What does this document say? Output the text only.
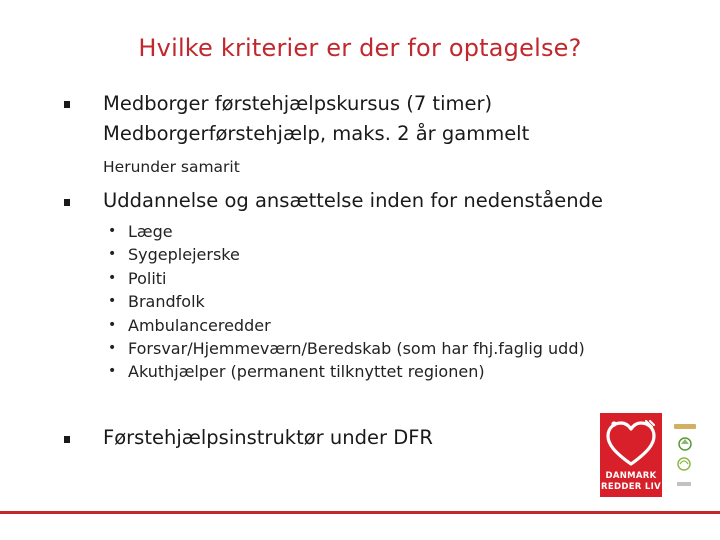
Hvilke kriterier er der for optagelse?
Medborger førstehjælpskursus (7 timer)
Medborgerførstehjælp, maks. 2 år gammelt
Herunder samarit
Uddannelse og ansættelse inden for nedenstående
• Læge
• Sygeplejerske
• Politi
• Brandfolk
• Ambulanceredder
• Forsvar/Hjemmeværn/Beredskab (som har fhj.faglig udd)
• Akuthjælper (permanent tilknyttet regionen)
Førstehjælpsinstruktør under DFR
DANMARK
REDDER LIV
